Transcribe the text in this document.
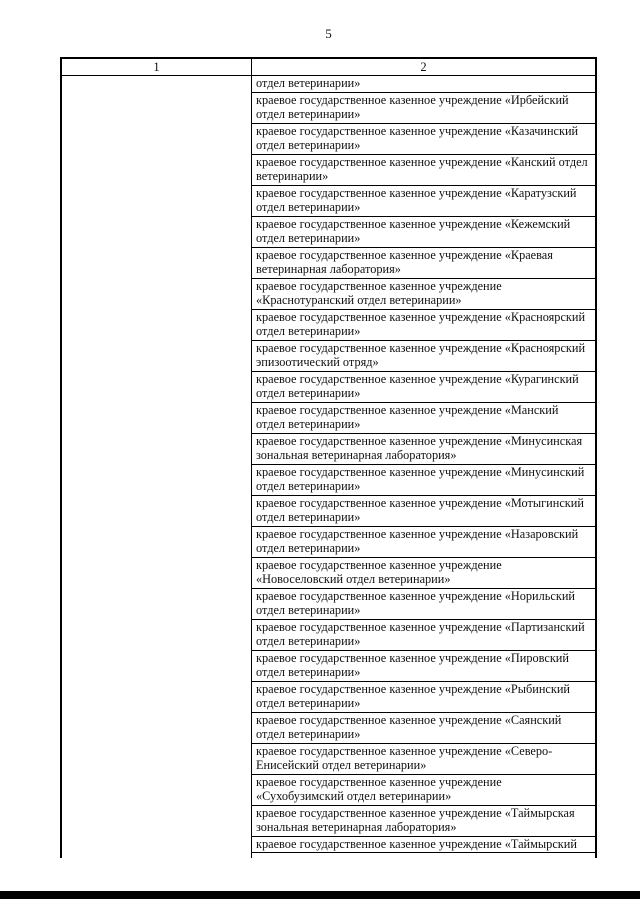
5
1	2
отдел ветеринарии»
краевое государственное казенное учреждение «Ирбейский отдел ветеринарии»
краевое государственное казенное учреждение «Казачинский отдел ветеринарии»
краевое государственное казенное учреждение «Канский отдел ветеринарии»
краевое государственное казенное учреждение «Каратузский отдел ветеринарии»
краевое государственное казенное учреждение «Кежемский отдел ветеринарии»
краевое государственное казенное учреждение «Краевая ветеринарная лаборатория»
краевое государственное казенное учреждение «Краснотуранский отдел ветеринарии»
краевое государственное казенное учреждение «Красноярский отдел ветеринарии»
краевое государственное казенное учреждение «Красноярский эпизоотический отряд»
краевое государственное казенное учреждение «Курагинский отдел ветеринарии»
краевое государственное казенное учреждение «Манский отдел ветеринарии»
краевое государственное казенное учреждение «Минусинская зональная ветеринарная лаборатория»
краевое государственное казенное учреждение «Минусинский отдел ветеринарии»
краевое государственное казенное учреждение «Мотыгинский отдел ветеринарии»
краевое государственное казенное учреждение «Назаровский отдел ветеринарии»
краевое государственное казенное учреждение «Новоселовский отдел ветеринарии»
краевое государственное казенное учреждение «Норильский отдел ветеринарии»
краевое государственное казенное учреждение «Партизанский отдел ветеринарии»
краевое государственное казенное учреждение «Пировский отдел ветеринарии»
краевое государственное казенное учреждение «Рыбинский отдел ветеринарии»
краевое государственное казенное учреждение «Саянский отдел ветеринарии»
краевое государственное казенное учреждение «Северо-Енисейский отдел ветеринарии»
краевое государственное казенное учреждение «Сухобузимский отдел ветеринарии»
краевое государственное казенное учреждение «Таймырская зональная ветеринарная лаборатория»
краевое государственное казенное учреждение «Таймырский
